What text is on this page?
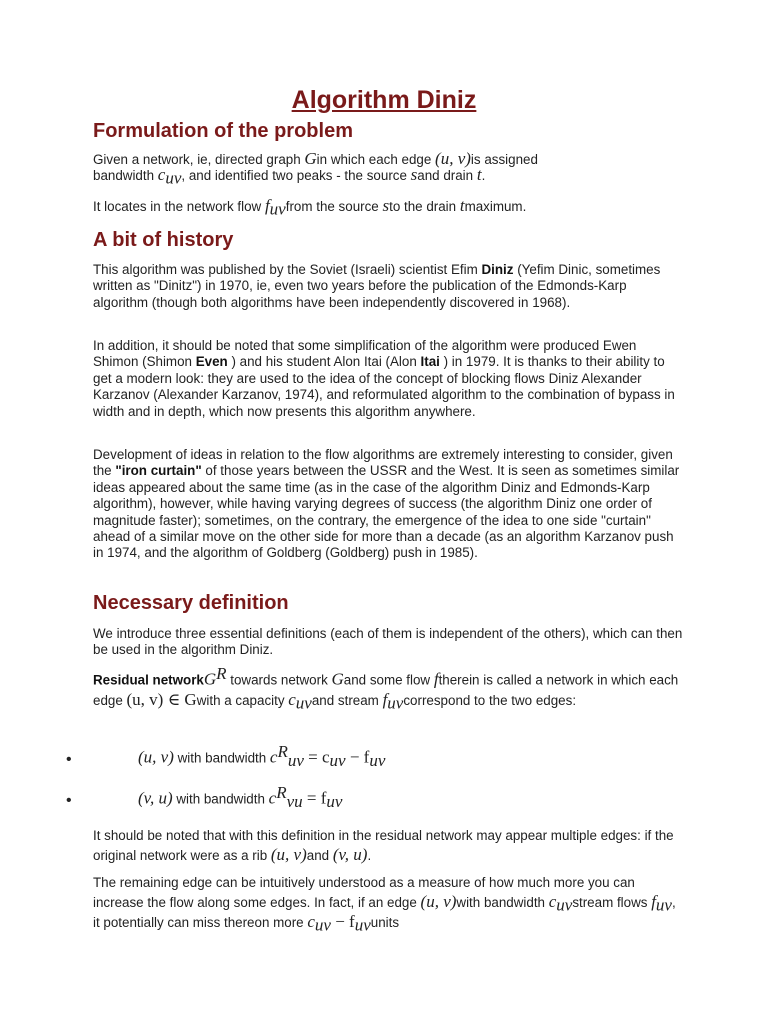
Algorithm Diniz
Formulation of the problem

Given a network, ie, directed graph Gin which each edge (u, v)is assigned
bandwidth $c_{uv}$, and identified two peaks - the source sand drain t.

It locates in the network flow $f_{uv}from$ the source sto the drain tmaximum.

A bit of history

This algorithm was published by the Soviet (Israeli) scientist Efim Diniz (Yefim Dinic, sometimes written as "Dinitz") in 1970, ie, even two years before the publication of the Edmonds-Karp algorithm (though both algorithms have been independently discovered in 1968).

In addition, it should be noted that some simplification of the algorithm were produced Ewen Shimon (Shimon Even ) and his student Alon Itai (Alon Itai ) in 1979. It is thanks to their ability to get a modern look: they are used to the idea of the concept of blocking flows Diniz Alexander Karzanov (Alexander Karzanov, 1974), and reformulated algorithm to the combination of bypass in width and in depth, which now presents this algorithm anywhere.

Development of ideas in relation to the flow algorithms are extremely interesting to consider, given the "iron curtain" of those years between the USSR and the West. It is seen as sometimes similar ideas appeared about the same time (as in the case of the algorithm Diniz and Edmonds-Karp algorithm), however, while having varying degrees of success (the algorithm Diniz one order of magnitude faster); sometimes, on the contrary, the emergence of the idea to one side "curtain" ahead of a similar move on the other side for more than a decade (as an algorithm Karzanov push in 1974, and the algorithm of Goldberg (Goldberg) push in 1985).

Necessary definition

We introduce three essential definitions (each of them is independent of the others), which can then be used in the algorithm Diniz.

Residual networkG$^R$ towards network Gand some flow ftherein is called a network in which each edge (u, v) ∈ Gwith a capacity $c_{uv}and$ stream $f_{uv}correspond$ to the two edges:

•	(u, v) with bandwidth $c^R_{uv} = c_{uv} - f_{uv}$
•	(v, u) with bandwidth $c^R_{vu} = f_{uv}$

It should be noted that with this definition in the residual network may appear multiple edges: if the original network were as a rib (u, v)and (v, u).

The remaining edge can be intuitively understood as a measure of how much more you can increase the flow along some edges. In fact, if an edge (u, v)with bandwidth $c_{uv}stream$ flows $f_{uv}$, it potentially can miss thereon more $c_{uv}$ − $f_{uv}units$
